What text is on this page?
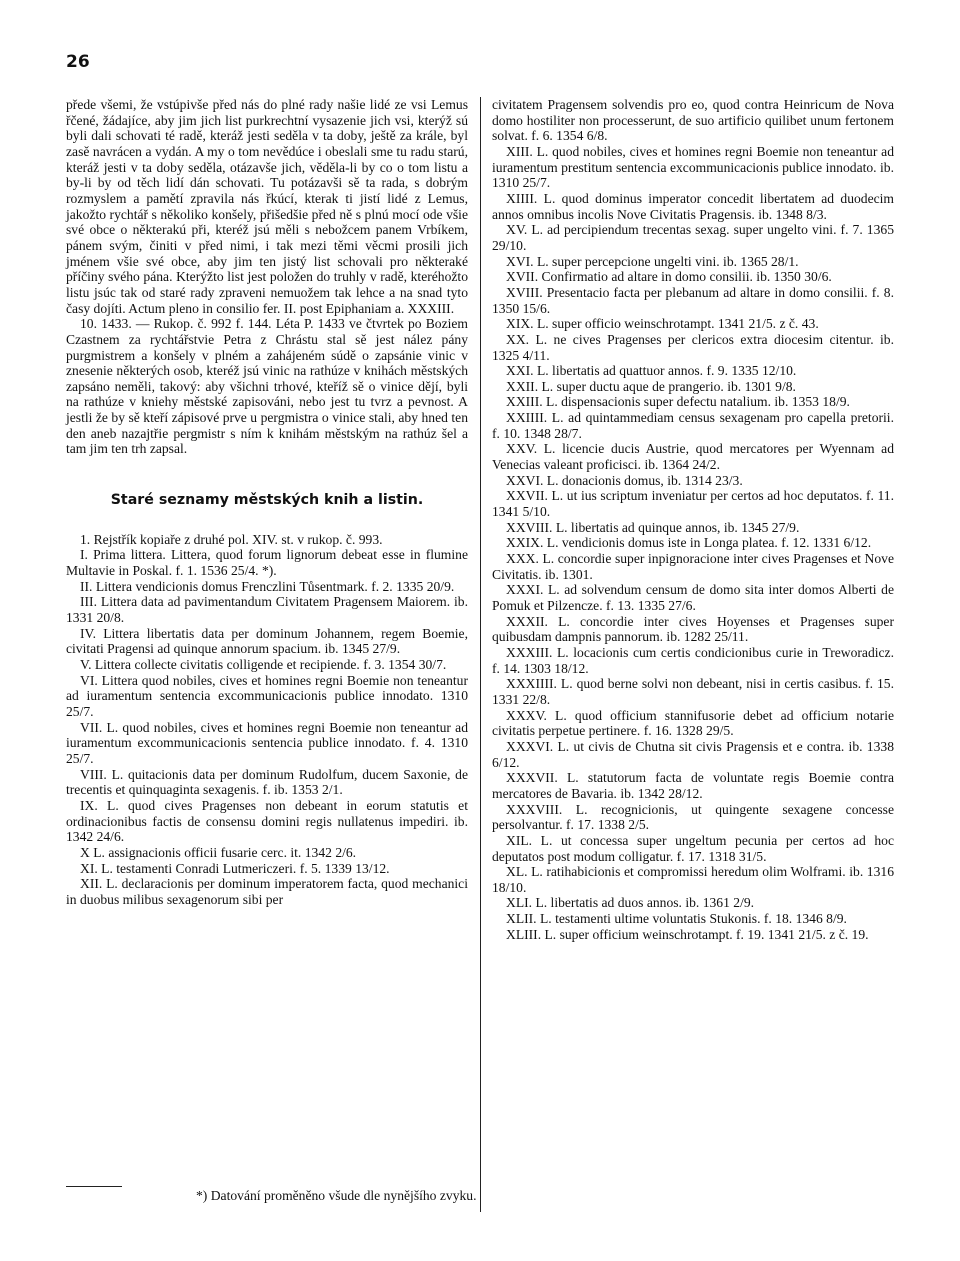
26

přede všemi, že vstúpivše před nás do plné rady našie lidé ze vsi Lemus řčené, žádajíce, aby jim jich list purkrechtní vysazenie jich vsi, kterýž sú byli dali schovati té radě, kteráž jesti seděla v ta doby, ještě za krále, byl zasě navrácen a vydán. A my o tom nevědúce i obeslali sme tu radu starú, kteráž jesti v ta doby seděla, otázavše jich, věděla-li by co o tom listu a by-li by od těch lidí dán schovati. Tu potázavši sě ta rada, s dobrým rozmyslem a pamětí zpravila nás řkúcí, kterak ti jistí lidé z Lemus, jakožto rychtář s několiko konšely, přišedšie před ně s plnú mocí ode všie své obce o některakú při, kteréž jsú měli s nebožcem panem Vrbíkem, pánem svým, činiti v před nimi, i tak mezi těmi věcmi prosili jich jménem všie své obce, aby jim ten jistý list schovali pro některaké příčiny svého pána. Kterýžto list jest položen do truhly v radě, kteréhožto listu jsúc tak od staré rady zpraveni nemuožem tak lehce a na snad tyto časy dojíti. Actum pleno in consilio fer. II. post Epiphaniam a. XXXIII.

10. 1433. — Rukop. č. 992 f. 144. Léta P. 1433 ve čtvrtek po Boziem Czastnem za rychtářstvie Petra z Chrástu stal sě jest nález pány purgmistrem a konšely v plném a zahájeném súdě o zapsánie vinic v znesenie některých osob, kteréž jsú vinic na rathúze v knihách městských zapsáno neměli, takový: aby všichni trhové, kteříž sě o vinice dějí, byli na rathúze v kniehy městské zapisováni, nebo jest tu tvrz a pevnost. A jestli že by sě kteří zápisové prve u pergmistra o vinice stali, aby hned ten den aneb nazajtřie pergmistr s ním k knihám městským na rathúz šel a tam jim ten trh zapsal.

Staré seznamy městských knih a listin.

1. Rejstřík kopiaře z druhé pol. XIV. st. v rukop. č. 993.

I. Prima littera. Littera, quod forum lignorum debeat esse in flumine Multavie in Poskal. f. 1. 1536 25/4. *).

II. Littera vendicionis domus Frenczlini Tůsentmark. f. 2. 1335 20/9.

III. Littera data ad pavimentandum Civitatem Pragensem Maiorem. ib. 1331 20/8.

IV. Littera libertatis data per dominum Johannem, regem Boemie, civitati Pragensi ad quinque annorum spacium. ib. 1345 27/9.

V. Littera collecte civitatis colligende et recipiende. f. 3. 1354 30/7.

VI. Littera quod nobiles, cives et homines regni Boemie non teneantur ad iuramentum sentencia excommunicacionis publice innodato. 1310 25/7.

VII. L. quod nobiles, cives et homines regni Boemie non teneantur ad iuramentum excommunicacionis sentencia publice innodato. f. 4. 1310 25/7.

VIII. L. quitacionis data per dominum Rudolfum, ducem Saxonie, de trecentis et quinquaginta sexagenis. f. ib. 1353 2/1.

IX. L. quod cives Pragenses non debeant in eorum statutis et ordinacionibus factis de consensu domini regis nullatenus impediri. ib. 1342 24/6.

X L. assignacionis officii fusarie cerc. it. 1342 2/6.

XI. L. testamenti Conradi Lutmericzeri. f. 5. 1339 13/12.

XII. L. declaracionis per dominum imperatorem facta, quod mechanici in duobus milibus sexagenorum sibi per

civitatem Pragensem solvendis pro eo, quod contra Heinricum de Nova domo hostiliter non processerunt, de suo artificio quilibet unum fertonem solvat. f. 6. 1354 6/8.

XIII. L. quod nobiles, cives et homines regni Boemie non teneantur ad iuramentum prestitum sentencia excommunicacionis publice innodato. ib. 1310 25/7.

XIIII. L. quod dominus imperator concedit libertatem ad duodecim annos omnibus incolis Nove Civitatis Pragensis. ib. 1348 8/3.

XV. L. ad percipiendum trecentas sexag. super ungelto vini. f. 7. 1365 29/10.

XVI. L. super percepcione ungelti vini. ib. 1365 28/1.

XVII. Confirmatio ad altare in domo consilii. ib. 1350 30/6.

XVIII. Presentacio facta per plebanum ad altare in domo consilii. f. 8. 1350 15/6.

XIX. L. super officio weinschrotampt. 1341 21/5. z č. 43.

XX. L. ne cives Pragenses per clericos extra diocesim citentur. ib. 1325 4/11.

XXI. L. libertatis ad quattuor annos. f. 9. 1335 12/10.

XXII. L. super ductu aque de prangerio. ib. 1301 9/8.

XXIII. L. dispensacionis super defectu natalium. ib. 1353 18/9.

XXIIII. L. ad quintammediam census sexagenam pro capella pretorii. f. 10. 1348 28/7.

XXV. L. licencie ducis Austrie, quod mercatores per Wyennam ad Venecias valeant proficisci. ib. 1364 24/2.

XXVI. L. donacionis domus, ib. 1314 23/3.

XXVII. L. ut ius scriptum inveniatur per certos ad hoc deputatos. f. 11. 1341 5/10.

XXVIII. L. libertatis ad quinque annos, ib. 1345 27/9.

XXIX. L. vendicionis domus iste in Longa platea. f. 12. 1331 6/12.

XXX. L. concordie super inpignoracione inter cives Pragenses et Nove Civitatis. ib. 1301.

XXXI. L. ad solvendum censum de domo sita inter domos Alberti de Pomuk et Pilzencze. f. 13. 1335 27/6.

XXXII. L. concordie inter cives Hoyenses et Pragenses super quibusdam dampnis pannorum. ib. 1282 25/11.

XXXIII. L. locacionis cum certis condicionibus curie in Treworadicz. f. 14. 1303 18/12.

XXXIIII. L. quod berne solvi non debeant, nisi in certis casibus. f. 15. 1331 22/8.

XXXV. L. quod officium stannifusorie debet ad officium notarie civitatis perpetue pertinere. f. 16. 1328 29/5.

XXXVI. L. ut civis de Chutna sit civis Pragensis et e contra. ib. 1338 6/12.

XXXVII. L. statutorum facta de voluntate regis Boemie contra mercatores de Bavaria. ib. 1342 28/12.

XXXVIII. L. recognicionis, ut quingente sexagene concesse persolvantur. f. 17. 1338 2/5.

XIL. L. ut concessa super ungeltum pecunia per certos ad hoc deputatos post modum colligatur. f. 17. 1318 31/5.

XL. L. ratihabicionis et compromissi heredum olim Wolframi. ib. 1316 18/10.

XLI. L. libertatis ad duos annos. ib. 1361 2/9.

XLII. L. testamenti ultime voluntatis Stukonis. f. 18. 1346 8/9.

XLIII. L. super officium weinschrotampt. f. 19. 1341 21/5. z č. 19.

*) Datování proměněno všude dle nynějšího zvyku.
